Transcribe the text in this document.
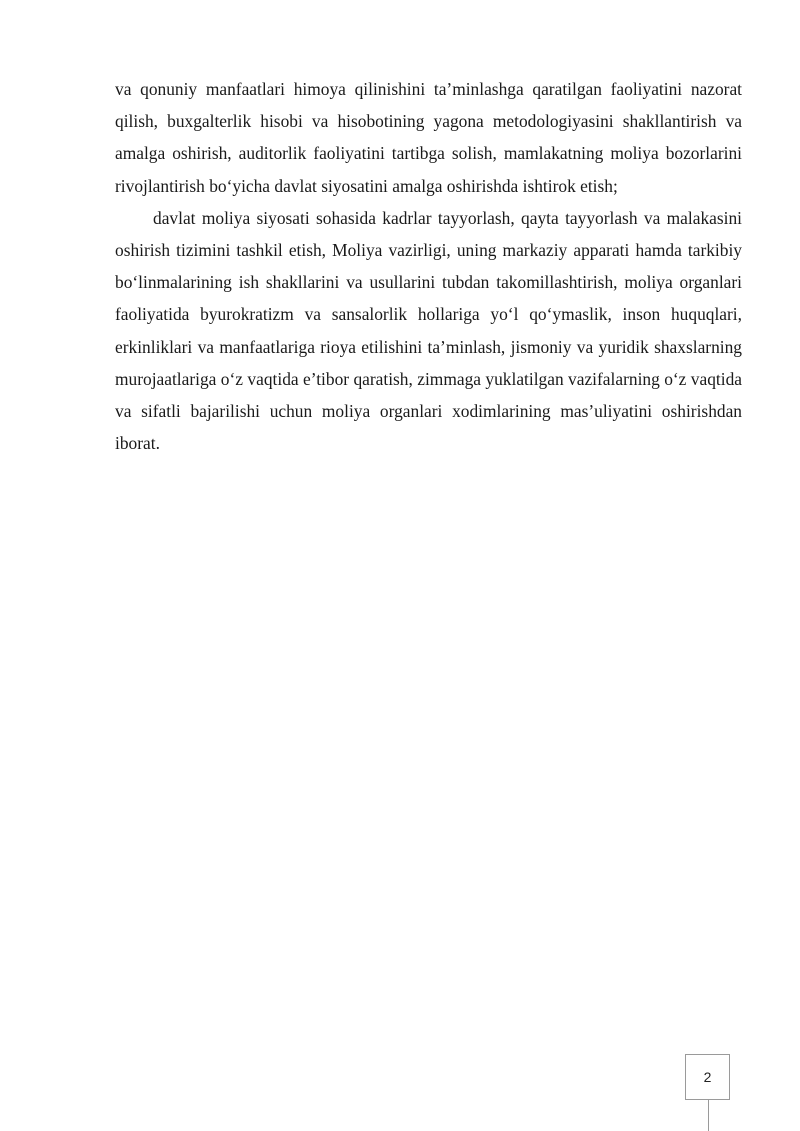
va qonuniy manfaatlari himoya qilinishini ta’minlashga qaratilgan faoliyatini nazorat qilish, buxgalterlik hisobi va hisobotining yagona metodologiyasini shakllantirish va amalga oshirish, auditorlik faoliyatini tartibga solish, mamlakatning moliya bozorlarini rivojlantirish bo‘yicha davlat siyosatini amalga oshirishda ishtirok etish;

davlat moliya siyosati sohasida kadrlar tayyorlash, qayta tayyorlash va malakasini oshirish tizimini tashkil etish, Moliya vazirligi, uning markaziy apparati hamda tarkibiy bo‘linmalarining ish shakllarini va usullarini tubdan takomillashtirish, moliya organlari faoliyatida byurokratizm va sansalorlik hollariga yo‘l qo‘ymaslik, inson huquqlari, erkinliklari va manfaatlariga rioya etilishini ta’minlash, jismoniy va yuridik shaxslarning murojaatlariga o‘z vaqtida e’tibor qaratish, zimmaga yuklatilgan vazifalarning o‘z vaqtida va sifatli bajarilishi uchun moliya organlari xodimlarining mas’uliyatini oshirishdan iborat.

2
